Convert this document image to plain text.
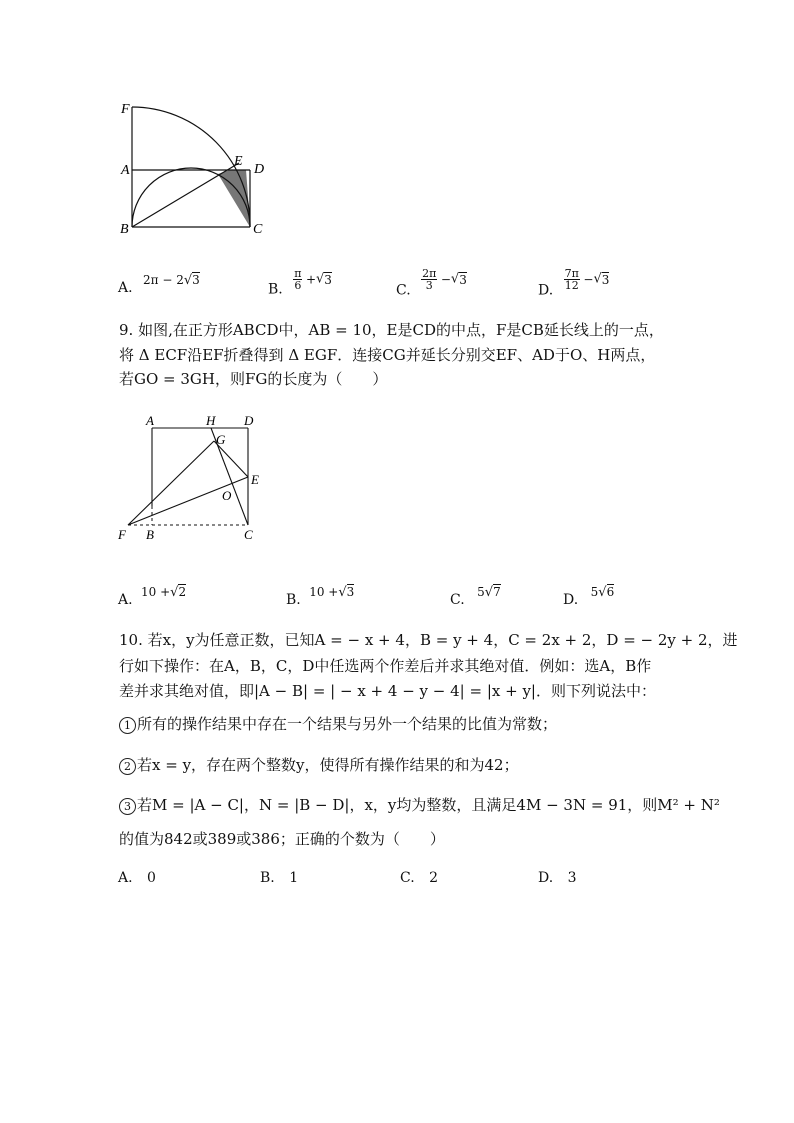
F
A
B
E
D
C
A. 2π − 2√3
B. $\frac{\pi}{6} +√3$
C. $\frac{2\pi}{3} -√3$
D. $\frac{7\pi}{12} -√3$
9. 如图,在正方形ABCD中，AB = 10，E是CD的中点，F是CB延长线上的一点，
将 Δ ECF沿EF折叠得到 Δ EGF．连接CG并延长分别交EF、AD于O、H两点，
若GO = 3GH，则FG的长度为（　　）
A	H D
G
E
O
F B	C
A. 10 +√2	B. 10 +√3	C. 5√7	D. 5√6
10. 若x，y为任意正数，已知A = − x + 4，B = y + 4，C = 2x + 2，D = − 2y + 2，进
行如下操作：在A，B，C，D中任选两个作差后并求其绝对值．例如：选A，B作
差并求其绝对值，即|A − B| = | − x + 4 − y − 4| = |x + y|．则下列说法中：
1 所有的操作结果中存在一个结果与另外一个结果的比值为常数；
2 若x = y，存在两个整数y，使得所有操作结果的和为42；
3 若M = |A − C|，N = |B − D|，x，y均为整数，且满足4M − 3N = 91，则M² + N²
的值为842或389或386；正确的个数为（　　）
A. 0	B. 1	C. 2	D. 3
